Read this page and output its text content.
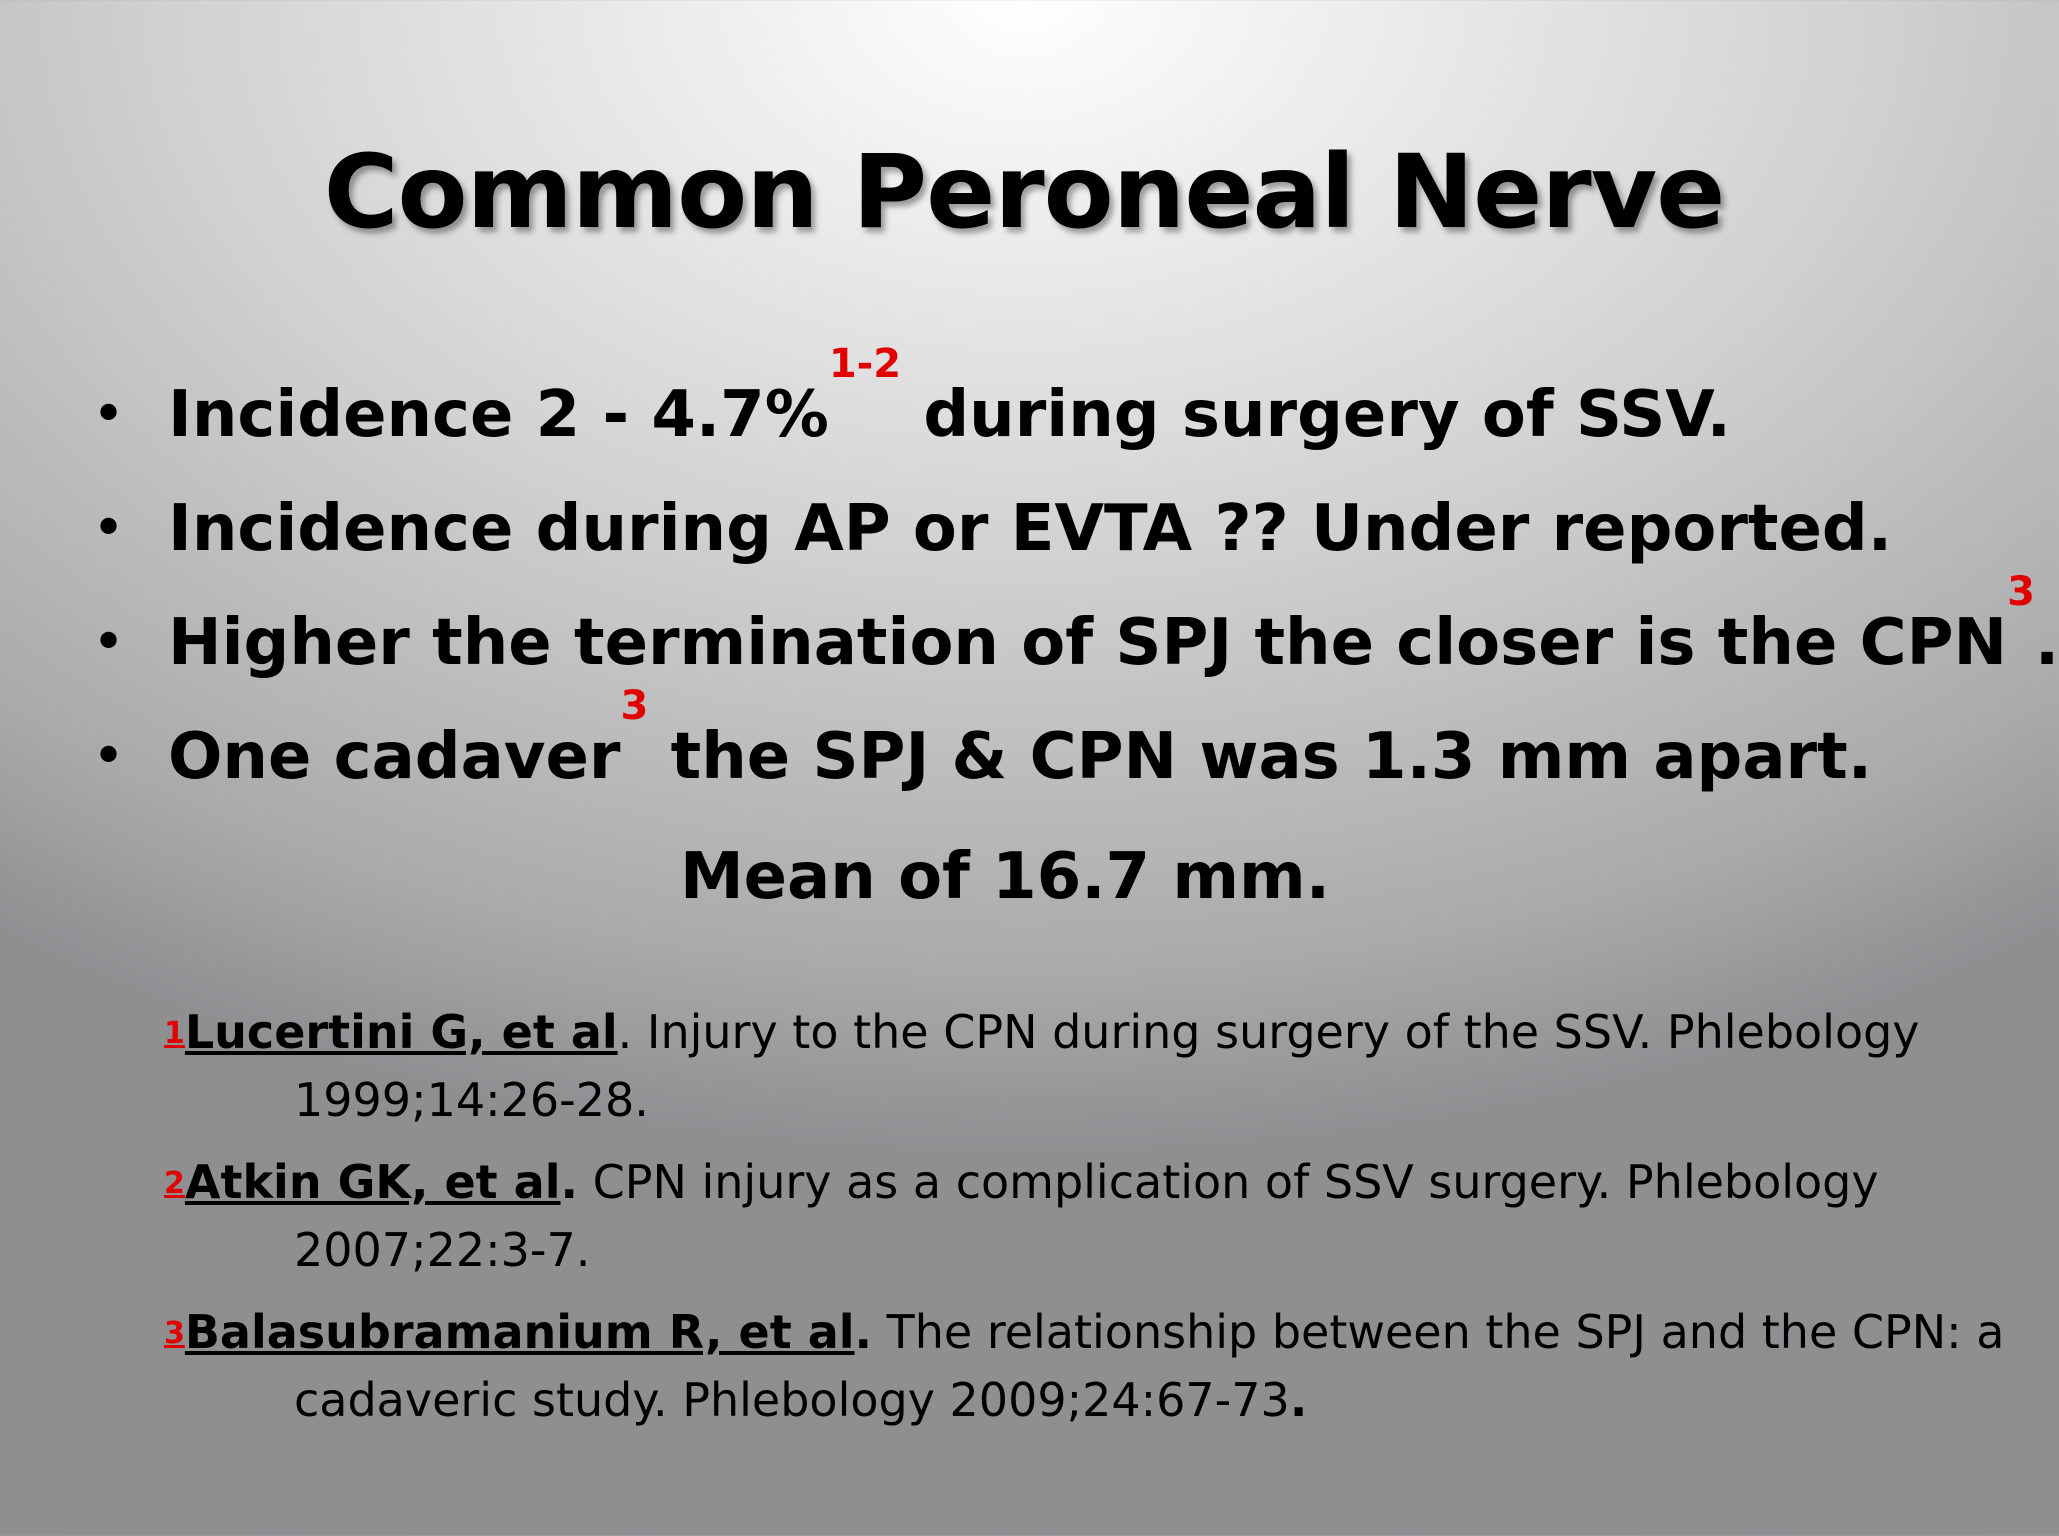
Common Peroneal Nerve
• Incidence 2 - 4.7%$^{1-2}$ during surgery of SSV.
• Incidence during AP or EVTA ?? Under reported.
• Higher the termination of SPJ the closer is the CPN$^3$.
• One cadaver$^3$ the SPJ & CPN was 1.3 mm apart.
Mean of 16.7 mm.
$^1$Lucertini G, et al. Injury to the CPN during surgery of the SSV. Phlebology 1999;14:26-28.
$^2$Atkin GK, et al. CPN injury as a complication of SSV surgery. Phlebology 2007;22:3-7.
$^3$Balasubramanium R, et al. The relationship between the SPJ and the CPN: a cadaveric study. Phlebology 2009;24:67-73.
